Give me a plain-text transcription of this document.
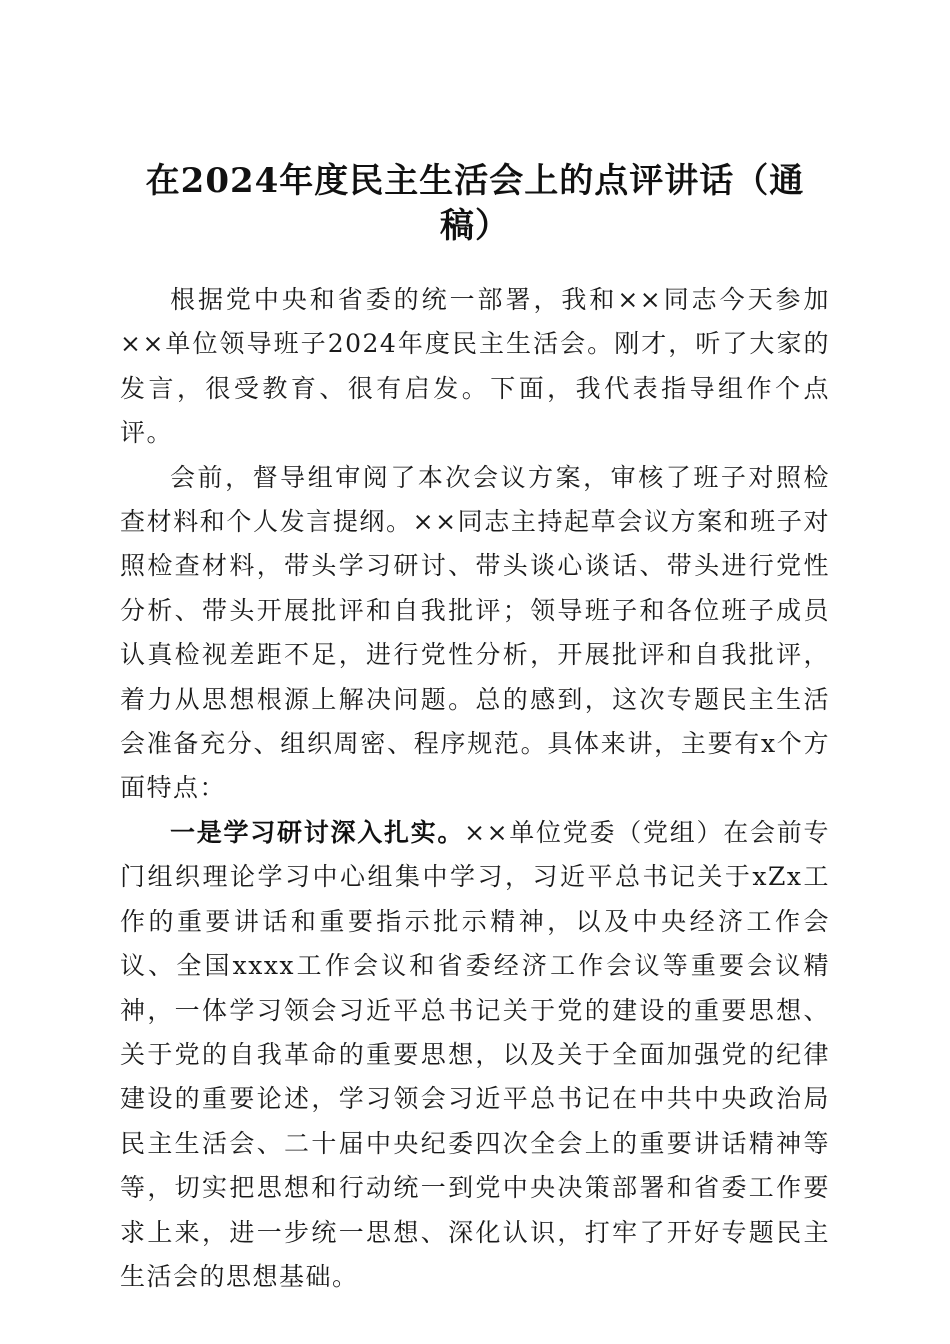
在2024年度民主生活会上的点评讲话（通
稿）

根据党中央和省委的统一部署，我和××同志今天参加××单位领导班子2024年度民主生活会。刚才，听了大家的发言，很受教育、很有启发。下面，我代表指导组作个点评。

会前，督导组审阅了本次会议方案，审核了班子对照检查材料和个人发言提纲。××同志主持起草会议方案和班子对照检查材料，带头学习研讨、带头谈心谈话、带头进行党性分析、带头开展批评和自我批评；领导班子和各位班子成员认真检视差距不足，进行党性分析，开展批评和自我批评，着力从思想根源上解决问题。总的感到，这次专题民主生活会准备充分、组织周密、程序规范。具体来讲，主要有x个方面特点：

一是学习研讨深入扎实。××单位党委（党组）在会前专门组织理论学习中心组集中学习，习近平总书记关于xZx工作的重要讲话和重要指示批示精神，以及中央经济工作会议、全国xxxx工作会议和省委经济工作会议等重要会议精神，一体学习领会习近平总书记关于党的建设的重要思想、关于党的自我革命的重要思想，以及关于全面加强党的纪律建设的重要论述，学习领会习近平总书记在中共中央政治局民主生活会、二十届中央纪委四次全会上的重要讲话精神等等，切实把思想和行动统一到党中央决策部署和省委工作要求上来，进一步统一思想、深化认识，打牢了开好专题民主生活会的思想基础。
